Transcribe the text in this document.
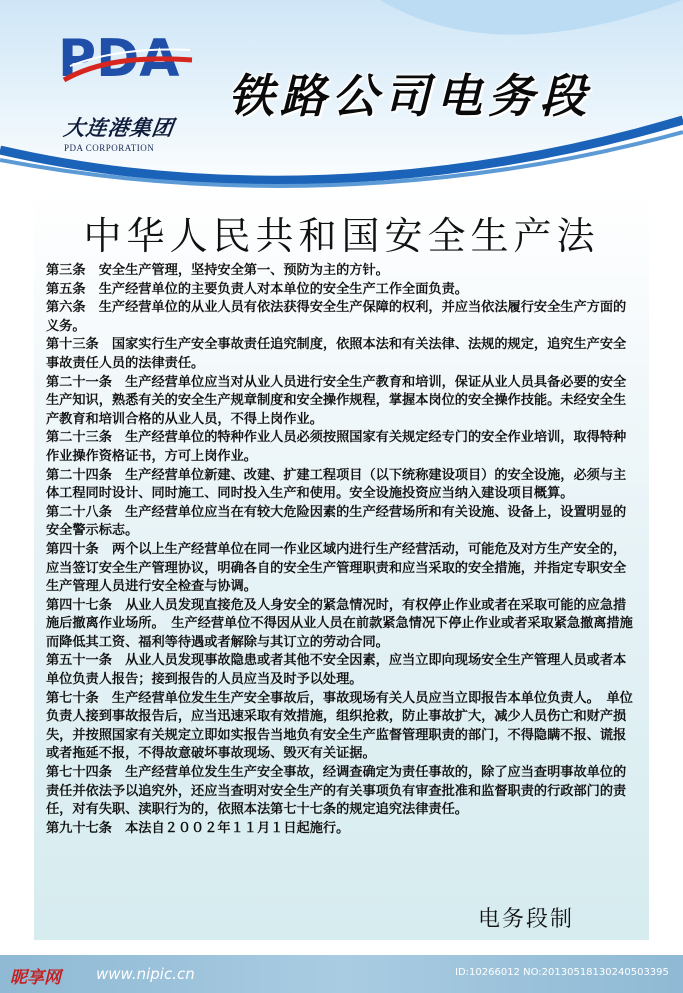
PDA
大连港集团
PDA CORPORATION
铁路公司电务段
中华人民共和国安全生产法

第三条　安全生产管理，坚持安全第一、预防为主的方针。

第五条　生产经营单位的主要负责人对本单位的安全生产工作全面负责。

第六条　生产经营单位的从业人员有依法获得安全生产保障的权利，并应当依法履行安全生产方面的义务。

第十三条　国家实行生产安全事故责任追究制度，依照本法和有关法律、法规的规定，追究生产安全事故责任人员的法律责任。

第二十一条　生产经营单位应当对从业人员进行安全生产教育和培训，保证从业人员具备必要的安全生产知识，熟悉有关的安全生产规章制度和安全操作规程，掌握本岗位的安全操作技能。未经安全生产教育和培训合格的从业人员，不得上岗作业。

第二十三条　生产经营单位的特种作业人员必须按照国家有关规定经专门的安全作业培训，取得特种作业操作资格证书，方可上岗作业。

第二十四条　生产经营单位新建、改建、扩建工程项目（以下统称建设项目）的安全设施，必须与主体工程同时设计、同时施工、同时投入生产和使用。安全设施投资应当纳入建设项目概算。

第二十八条　生产经营单位应当在有较大危险因素的生产经营场所和有关设施、设备上，设置明显的安全警示标志。

第四十条　两个以上生产经营单位在同一作业区域内进行生产经营活动，可能危及对方生产安全的，应当签订安全生产管理协议，明确各自的安全生产管理职责和应当采取的安全措施，并指定专职安全生产管理人员进行安全检查与协调。

第四十七条　从业人员发现直接危及人身安全的紧急情况时，有权停止作业或者在采取可能的应急措施后撤离作业场所。　生产经营单位不得因从业人员在前款紧急情况下停止作业或者采取紧急撤离措施而降低其工资、福利等待遇或者解除与其订立的劳动合同。

第五十一条　从业人员发现事故隐患或者其他不安全因素，应当立即向现场安全生产管理人员或者本单位负责人报告；接到报告的人员应当及时予以处理。

第七十条　生产经营单位发生生产安全事故后，事故现场有关人员应当立即报告本单位负责人。　单位负责人接到事故报告后，应当迅速采取有效措施，组织抢救，防止事故扩大，减少人员伤亡和财产损失，并按照国家有关规定立即如实报告当地负有安全生产监督管理职责的部门，不得隐瞒不报、谎报或者拖延不报，不得故意破坏事故现场、毁灭有关证据。

第七十四条　生产经营单位发生生产安全事故，经调查确定为责任事故的，除了应当查明事故单位的责任并依法予以追究外，还应当查明对安全生产的有关事项负有审查批准和监督职责的行政部门的责任，对有失职、渎职行为的，依照本法第七十七条的规定追究法律责任。

第九十七条　本法自２００２年１１月１日起施行。

电务段制
昵享网 www.nipic.cn	ID:10266012 NO:20130518130240503395
